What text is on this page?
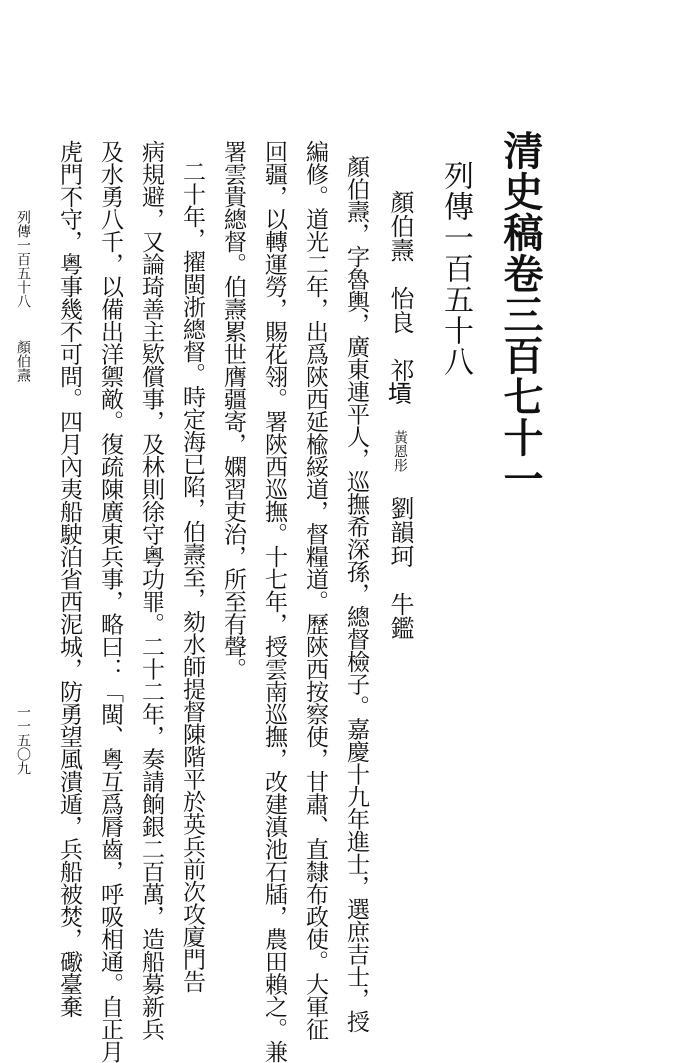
清史稿卷三百七十一
列傳一百五十八
顏伯燾　怡良　祁𡎴　黃恩彤　劉韻珂　牛鑑
顏伯燾，字魯輿，廣東連平人，巡撫希深孫，總督檢子。嘉慶十九年進士，選庶吉士，授
編修。道光二年，出爲陝西延楡綏道，督糧道。歷陝西按察使，甘肅、直隸布政使。大軍征
回疆，以轉運勞，賜花翎。署陝西巡撫。十七年，授雲南巡撫，改建滇池石牐，農田賴之。兼
署雲貴總督。伯燾累世膺疆寄，嫻習吏治，所至有聲。
二十年，擢閩浙總督。時定海已陷，伯燾至，劾水師提督陳階平於英兵前次攻廈門告
病規避，又論琦善主欵償事，及林則徐守粵功罪。二十二年，奏請餉銀二百萬，造船募新兵
及水勇八千，以備出洋禦敵。復疏陳廣東兵事，略曰：「閩、粵互爲脣齒，呼吸相通。自正月
虎門不守，粵事幾不可問。四月內夷船駛泊省西泥城，防勇望風潰遁，兵船被焚，礮臺棄
列傳一百五十八
顏伯燾
一一五〇九
